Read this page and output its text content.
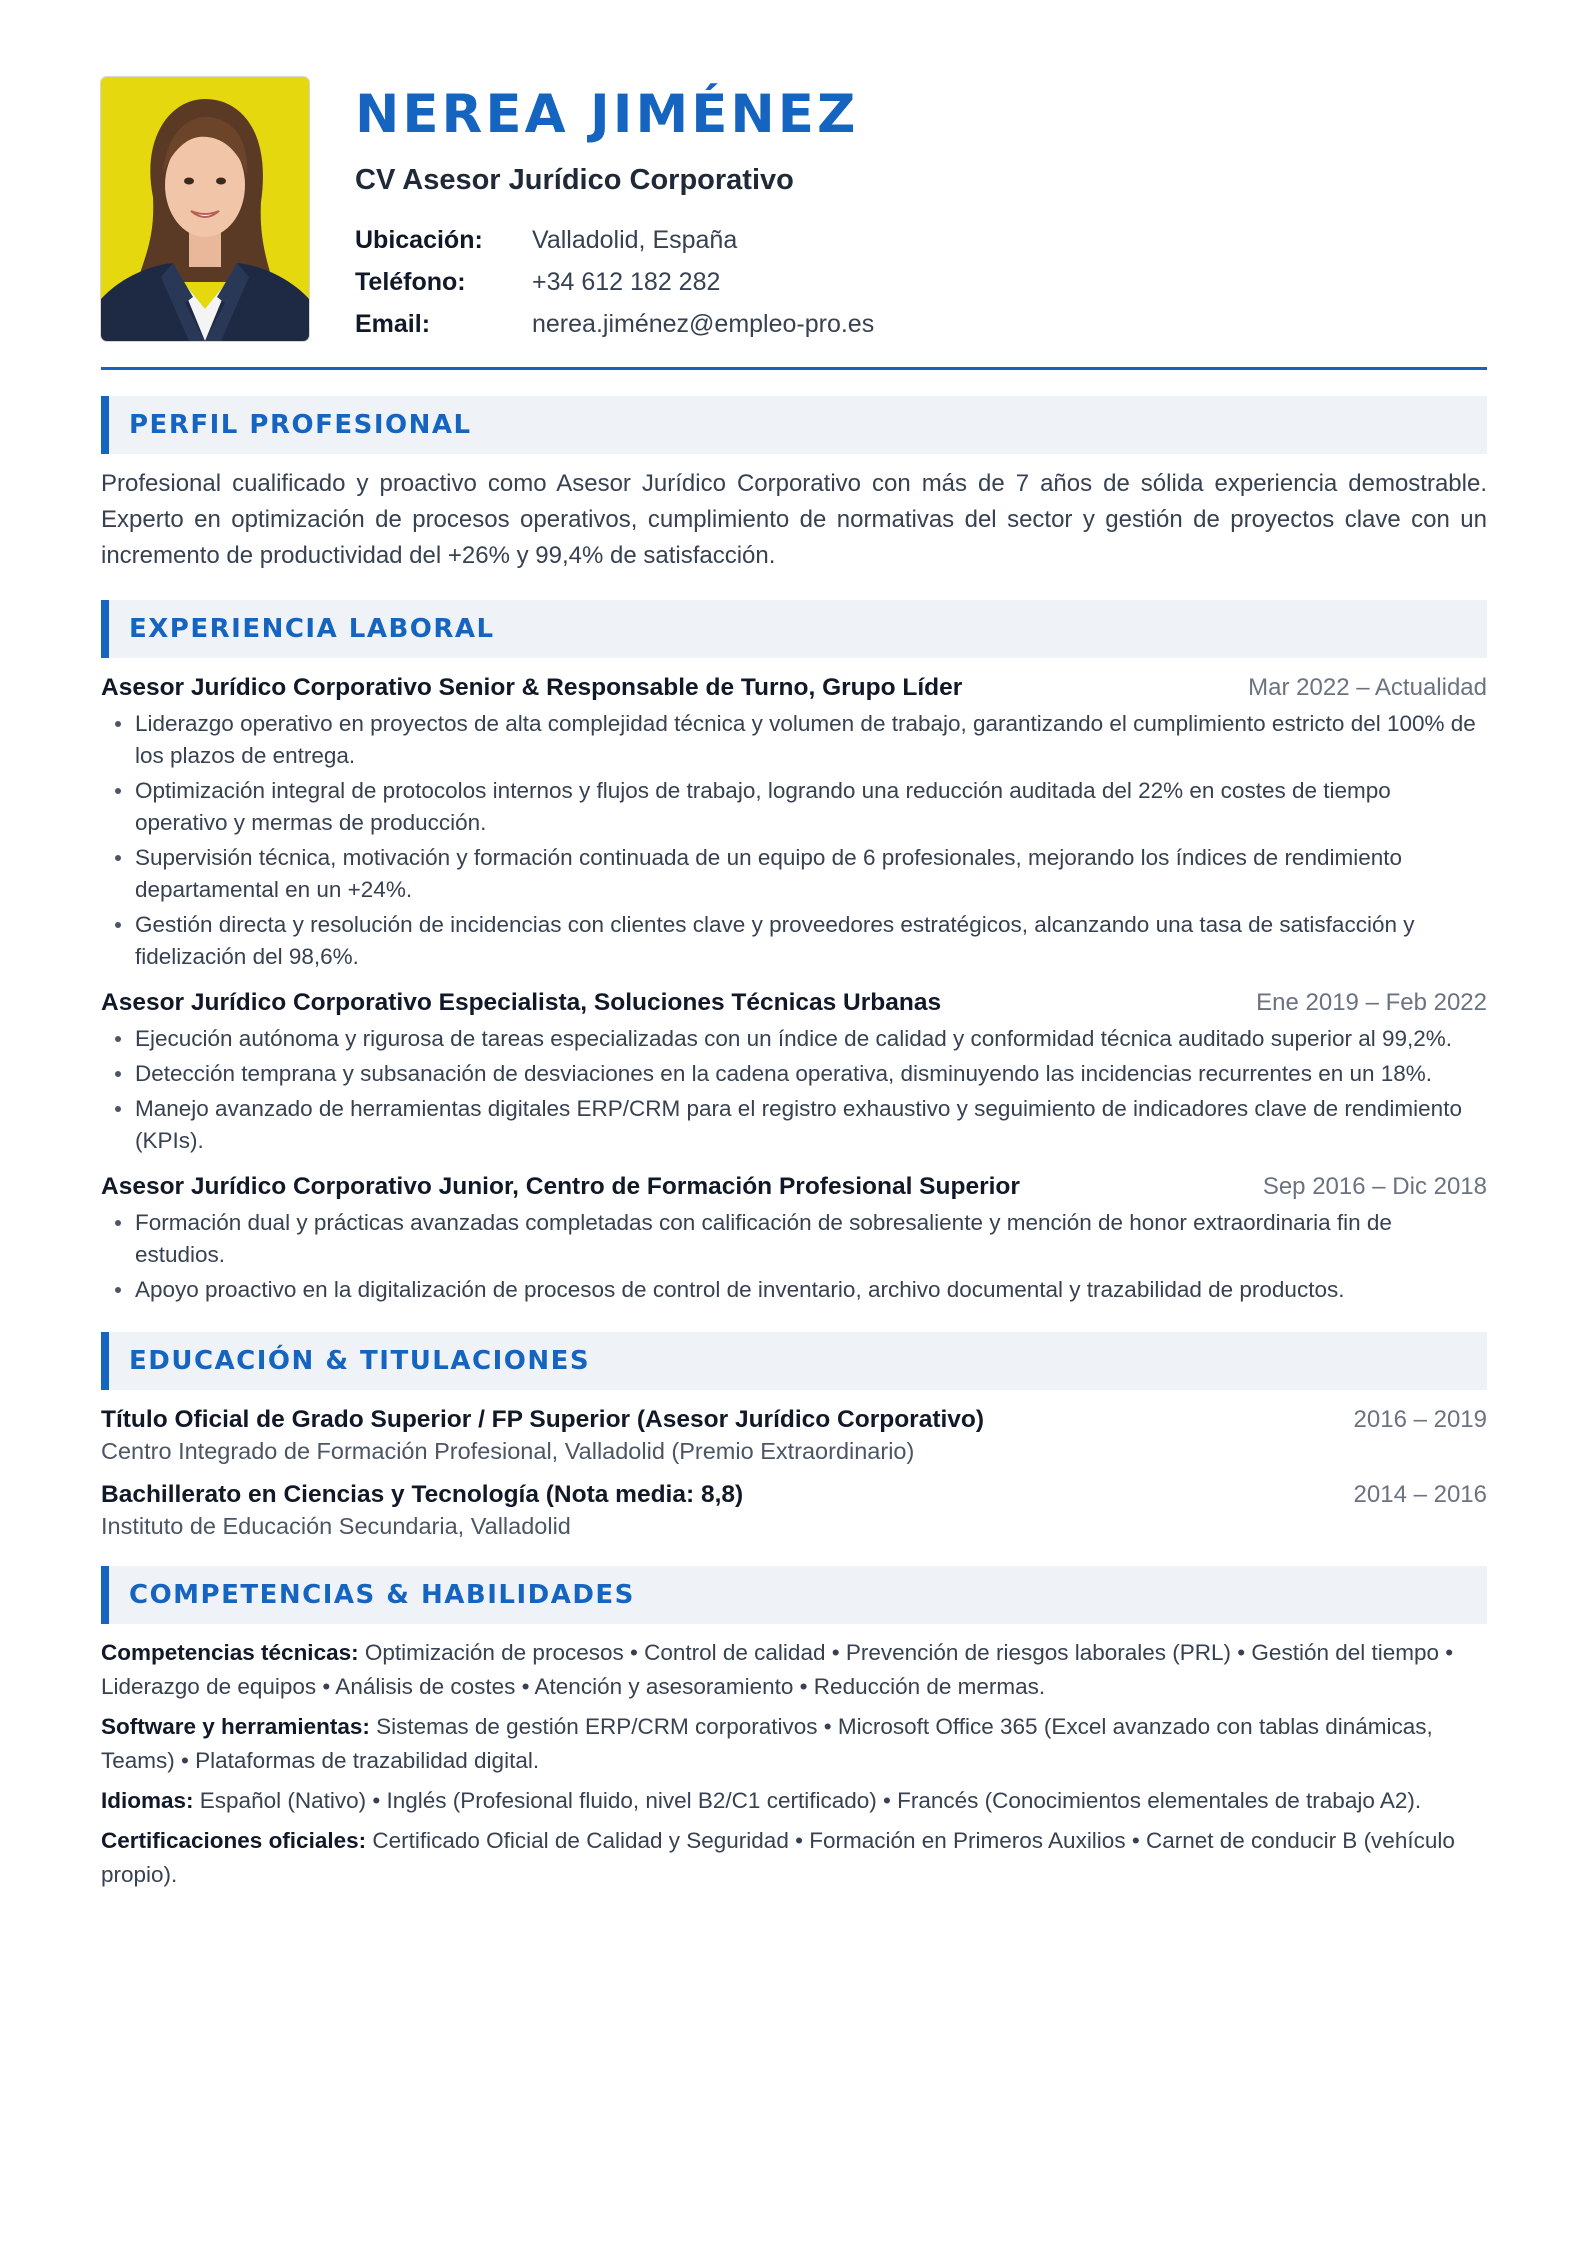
NEREA JIMÉNEZ
CV Asesor Jurídico Corporativo
Ubicación:	Valladolid, España
Teléfono:	+34 612 182 282
Email:	nerea.jiménez@empleo-pro.es
PERFIL PROFESIONAL

Profesional cualificado y proactivo como Asesor Jurídico Corporativo con más de 7 años de sólida experiencia demostrable. Experto en optimización de procesos operativos, cumplimiento de normativas del sector y gestión de proyectos clave con un incremento de productividad del +26% y 99,4% de satisfacción.

EXPERIENCIA LABORAL
Asesor Jurídico Corporativo Senior & Responsable de Turno, Grupo Líder	Mar 2022 – Actualidad
Liderazgo operativo en proyectos de alta complejidad técnica y volumen de trabajo, garantizando el cumplimiento estricto del 100% de los plazos de entrega.
Optimización integral de protocolos internos y flujos de trabajo, logrando una reducción auditada del 22% en costes de tiempo operativo y mermas de producción.
Supervisión técnica, motivación y formación continuada de un equipo de 6 profesionales, mejorando los índices de rendimiento departamental en un +24%.
Gestión directa y resolución de incidencias con clientes clave y proveedores estratégicos, alcanzando una tasa de satisfacción y fidelización del 98,6%.
Asesor Jurídico Corporativo Especialista, Soluciones Técnicas Urbanas	Ene 2019 – Feb 2022
Ejecución autónoma y rigurosa de tareas especializadas con un índice de calidad y conformidad técnica auditado superior al 99,2%.
Detección temprana y subsanación de desviaciones en la cadena operativa, disminuyendo las incidencias recurrentes en un 18%.
Manejo avanzado de herramientas digitales ERP/CRM para el registro exhaustivo y seguimiento de indicadores clave de rendimiento (KPIs).
Asesor Jurídico Corporativo Junior, Centro de Formación Profesional Superior	Sep 2016 – Dic 2018
Formación dual y prácticas avanzadas completadas con calificación de sobresaliente y mención de honor extraordinaria fin de estudios.
Apoyo proactivo en la digitalización de procesos de control de inventario, archivo documental y trazabilidad de productos.
EDUCACIÓN & TITULACIONES
Título Oficial de Grado Superior / FP Superior (Asesor Jurídico Corporativo)	2016 – 2019
Centro Integrado de Formación Profesional, Valladolid (Premio Extraordinario)
Bachillerato en Ciencias y Tecnología (Nota media: 8,8)	2014 – 2016
Instituto de Educación Secundaria, Valladolid
COMPETENCIAS & HABILIDADES
Competencias técnicas: Optimización de procesos • Control de calidad • Prevención de riesgos laborales (PRL) • Gestión del tiempo • Liderazgo de equipos • Análisis de costes • Atención y asesoramiento • Reducción de mermas.
Software y herramientas: Sistemas de gestión ERP/CRM corporativos • Microsoft Office 365 (Excel avanzado con tablas dinámicas, Teams) • Plataformas de trazabilidad digital.
Idiomas: Español (Nativo) • Inglés (Profesional fluido, nivel B2/C1 certificado) • Francés (Conocimientos elementales de trabajo A2).
Certificaciones oficiales: Certificado Oficial de Calidad y Seguridad • Formación en Primeros Auxilios • Carnet de conducir B (vehículo propio).
